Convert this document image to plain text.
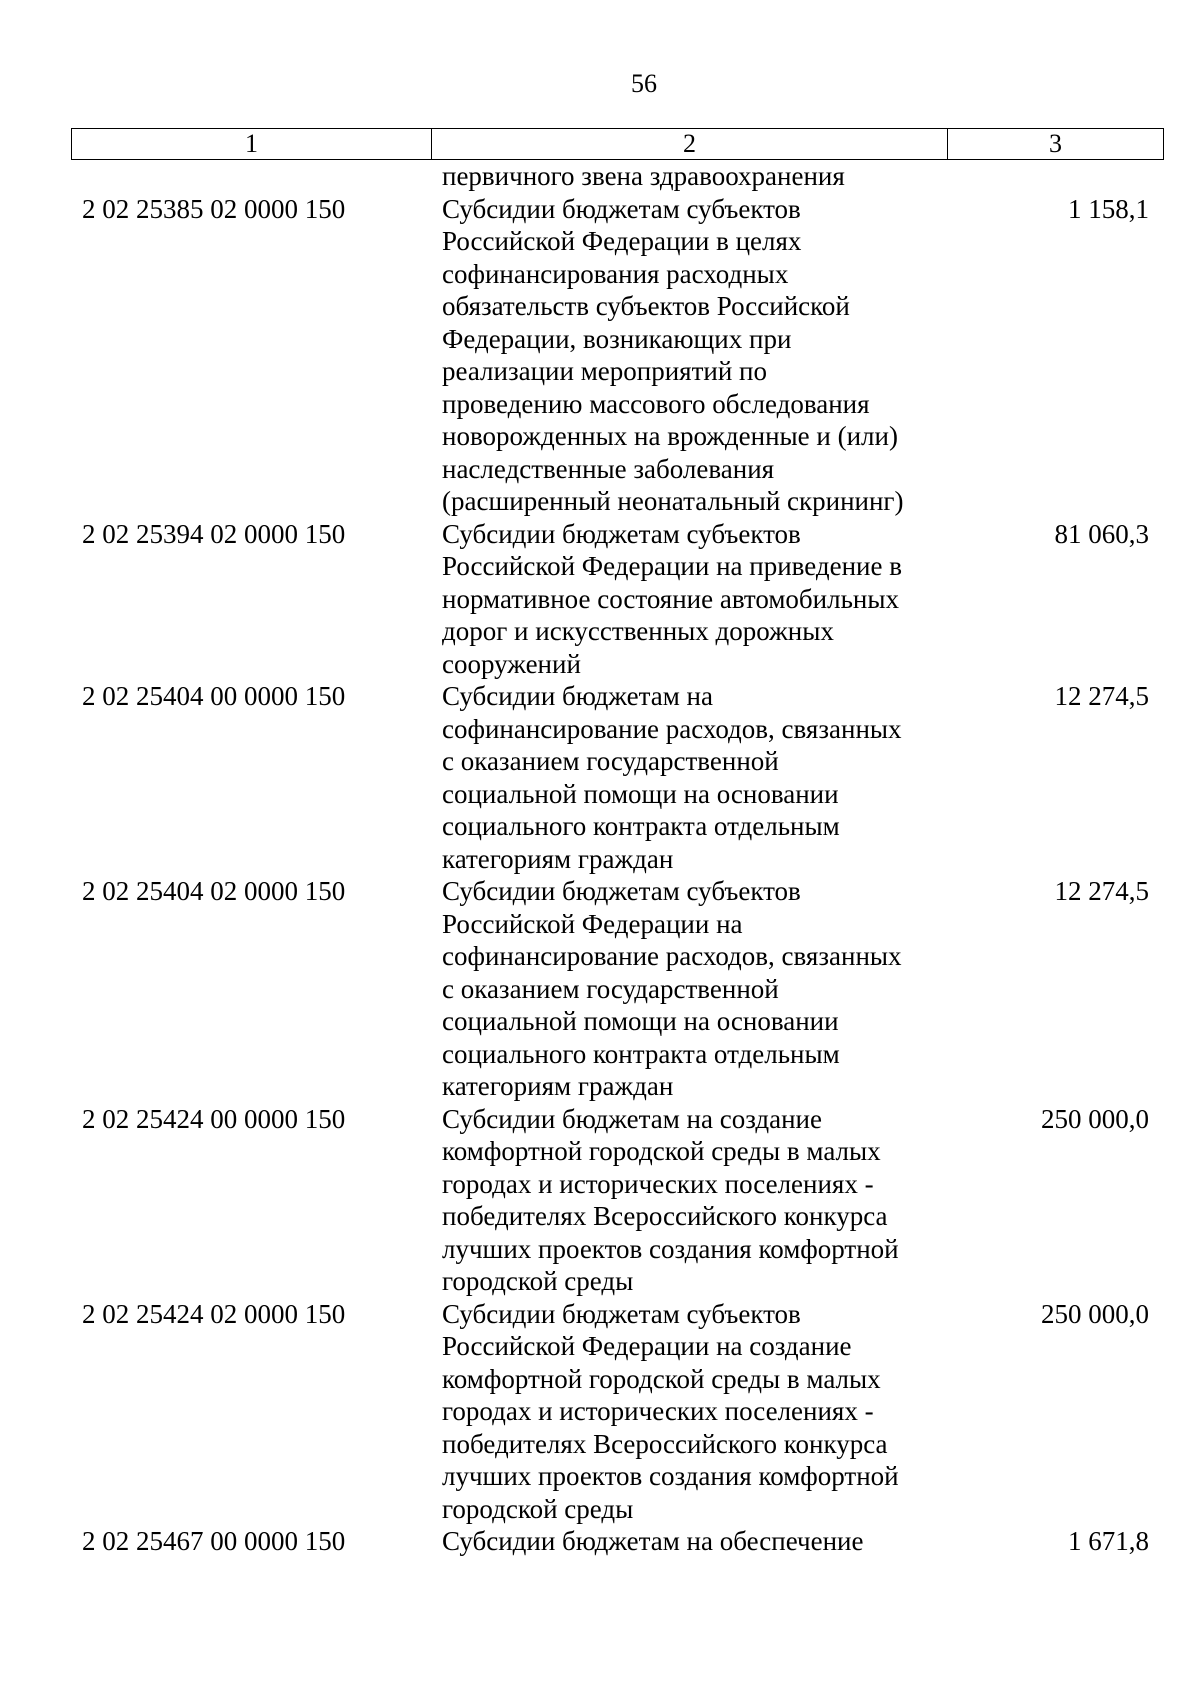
56
1	2	3
первичного звена здравоохранения
2 02 25385 02 0000 150	Субсидии бюджетам субъектов
Российской Федерации в целях
софинансирования расходных
обязательств субъектов Российской
Федерации, возникающих при
реализации мероприятий по
проведению массового обследования
новорожденных на врожденные и (или)
наследственные заболевания
(расширенный неонатальный скрининг)
1 158,1
2 02 25394 02 0000 150	Субсидии бюджетам субъектов
Российской Федерации на приведение в
нормативное состояние автомобильных
дорог и искусственных дорожных
сооружений
81 060,3
2 02 25404 00 0000 150	Субсидии бюджетам на
софинансирование расходов, связанных
с оказанием государственной
социальной помощи на основании
социального контракта отдельным
категориям граждан
12 274,5
2 02 25404 02 0000 150	Субсидии бюджетам субъектов
Российской Федерации на
софинансирование расходов, связанных
с оказанием государственной
социальной помощи на основании
социального контракта отдельным
категориям граждан
12 274,5
2 02 25424 00 0000 150	Субсидии бюджетам на создание
комфортной городской среды в малых
городах и исторических поселениях -
победителях Всероссийского конкурса
лучших проектов создания комфортной
городской среды
250 000,0
2 02 25424 02 0000 150	Субсидии бюджетам субъектов
Российской Федерации на создание
комфортной городской среды в малых
городах и исторических поселениях -
победителях Всероссийского конкурса
лучших проектов создания комфортной
городской среды
250 000,0
2 02 25467 00 0000 150	Субсидии бюджетам на обеспечение	1 671,8
